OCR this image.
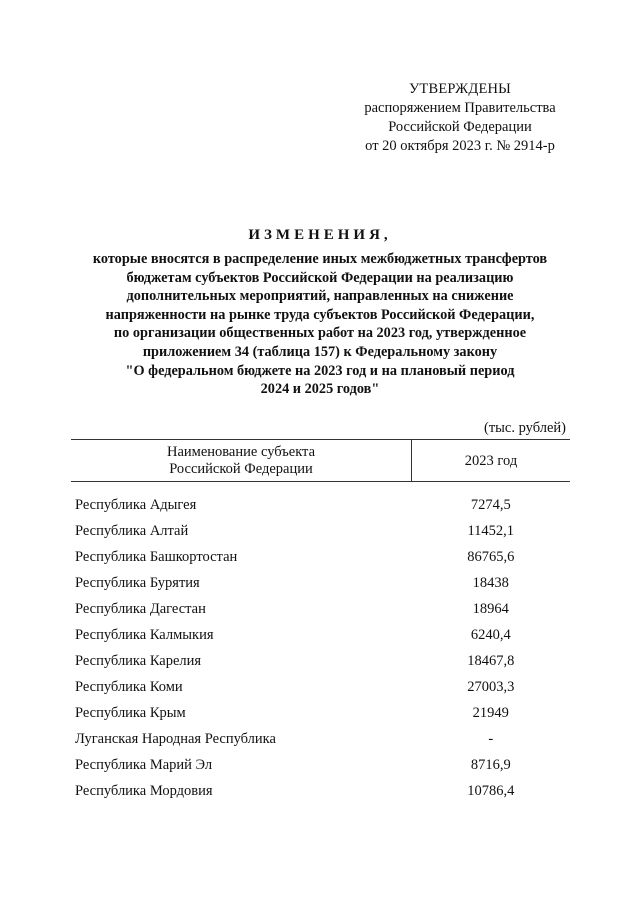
УТВЕРЖДЕНЫ
распоряжением Правительства
Российской Федерации
от 20 октября 2023 г. № 2914-р
ИЗМЕНЕНИЯ,
которые вносятся в распределение иных межбюджетных трансфертов
бюджетам субъектов Российской Федерации на реализацию
дополнительных мероприятий, направленных на снижение
напряженности на рынке труда субъектов Российской Федерации,
по организации общественных работ на 2023 год, утвержденное
приложением 34 (таблица 157) к Федеральному закону
"О федеральном бюджете на 2023 год и на плановый период
2024 и 2025 годов"
(тыс. рублей)
Наименование субъекта
Российской Федерации	2023 год
Республика Адыгея	7274,5
Республика Алтай	11452,1
Республика Башкортостан	86765,6
Республика Бурятия	18438
Республика Дагестан	18964
Республика Калмыкия	6240,4
Республика Карелия	18467,8
Республика Коми	27003,3
Республика Крым	21949
Луганская Народная Республика	-
Республика Марий Эл	8716,9
Республика Мордовия	10786,4
